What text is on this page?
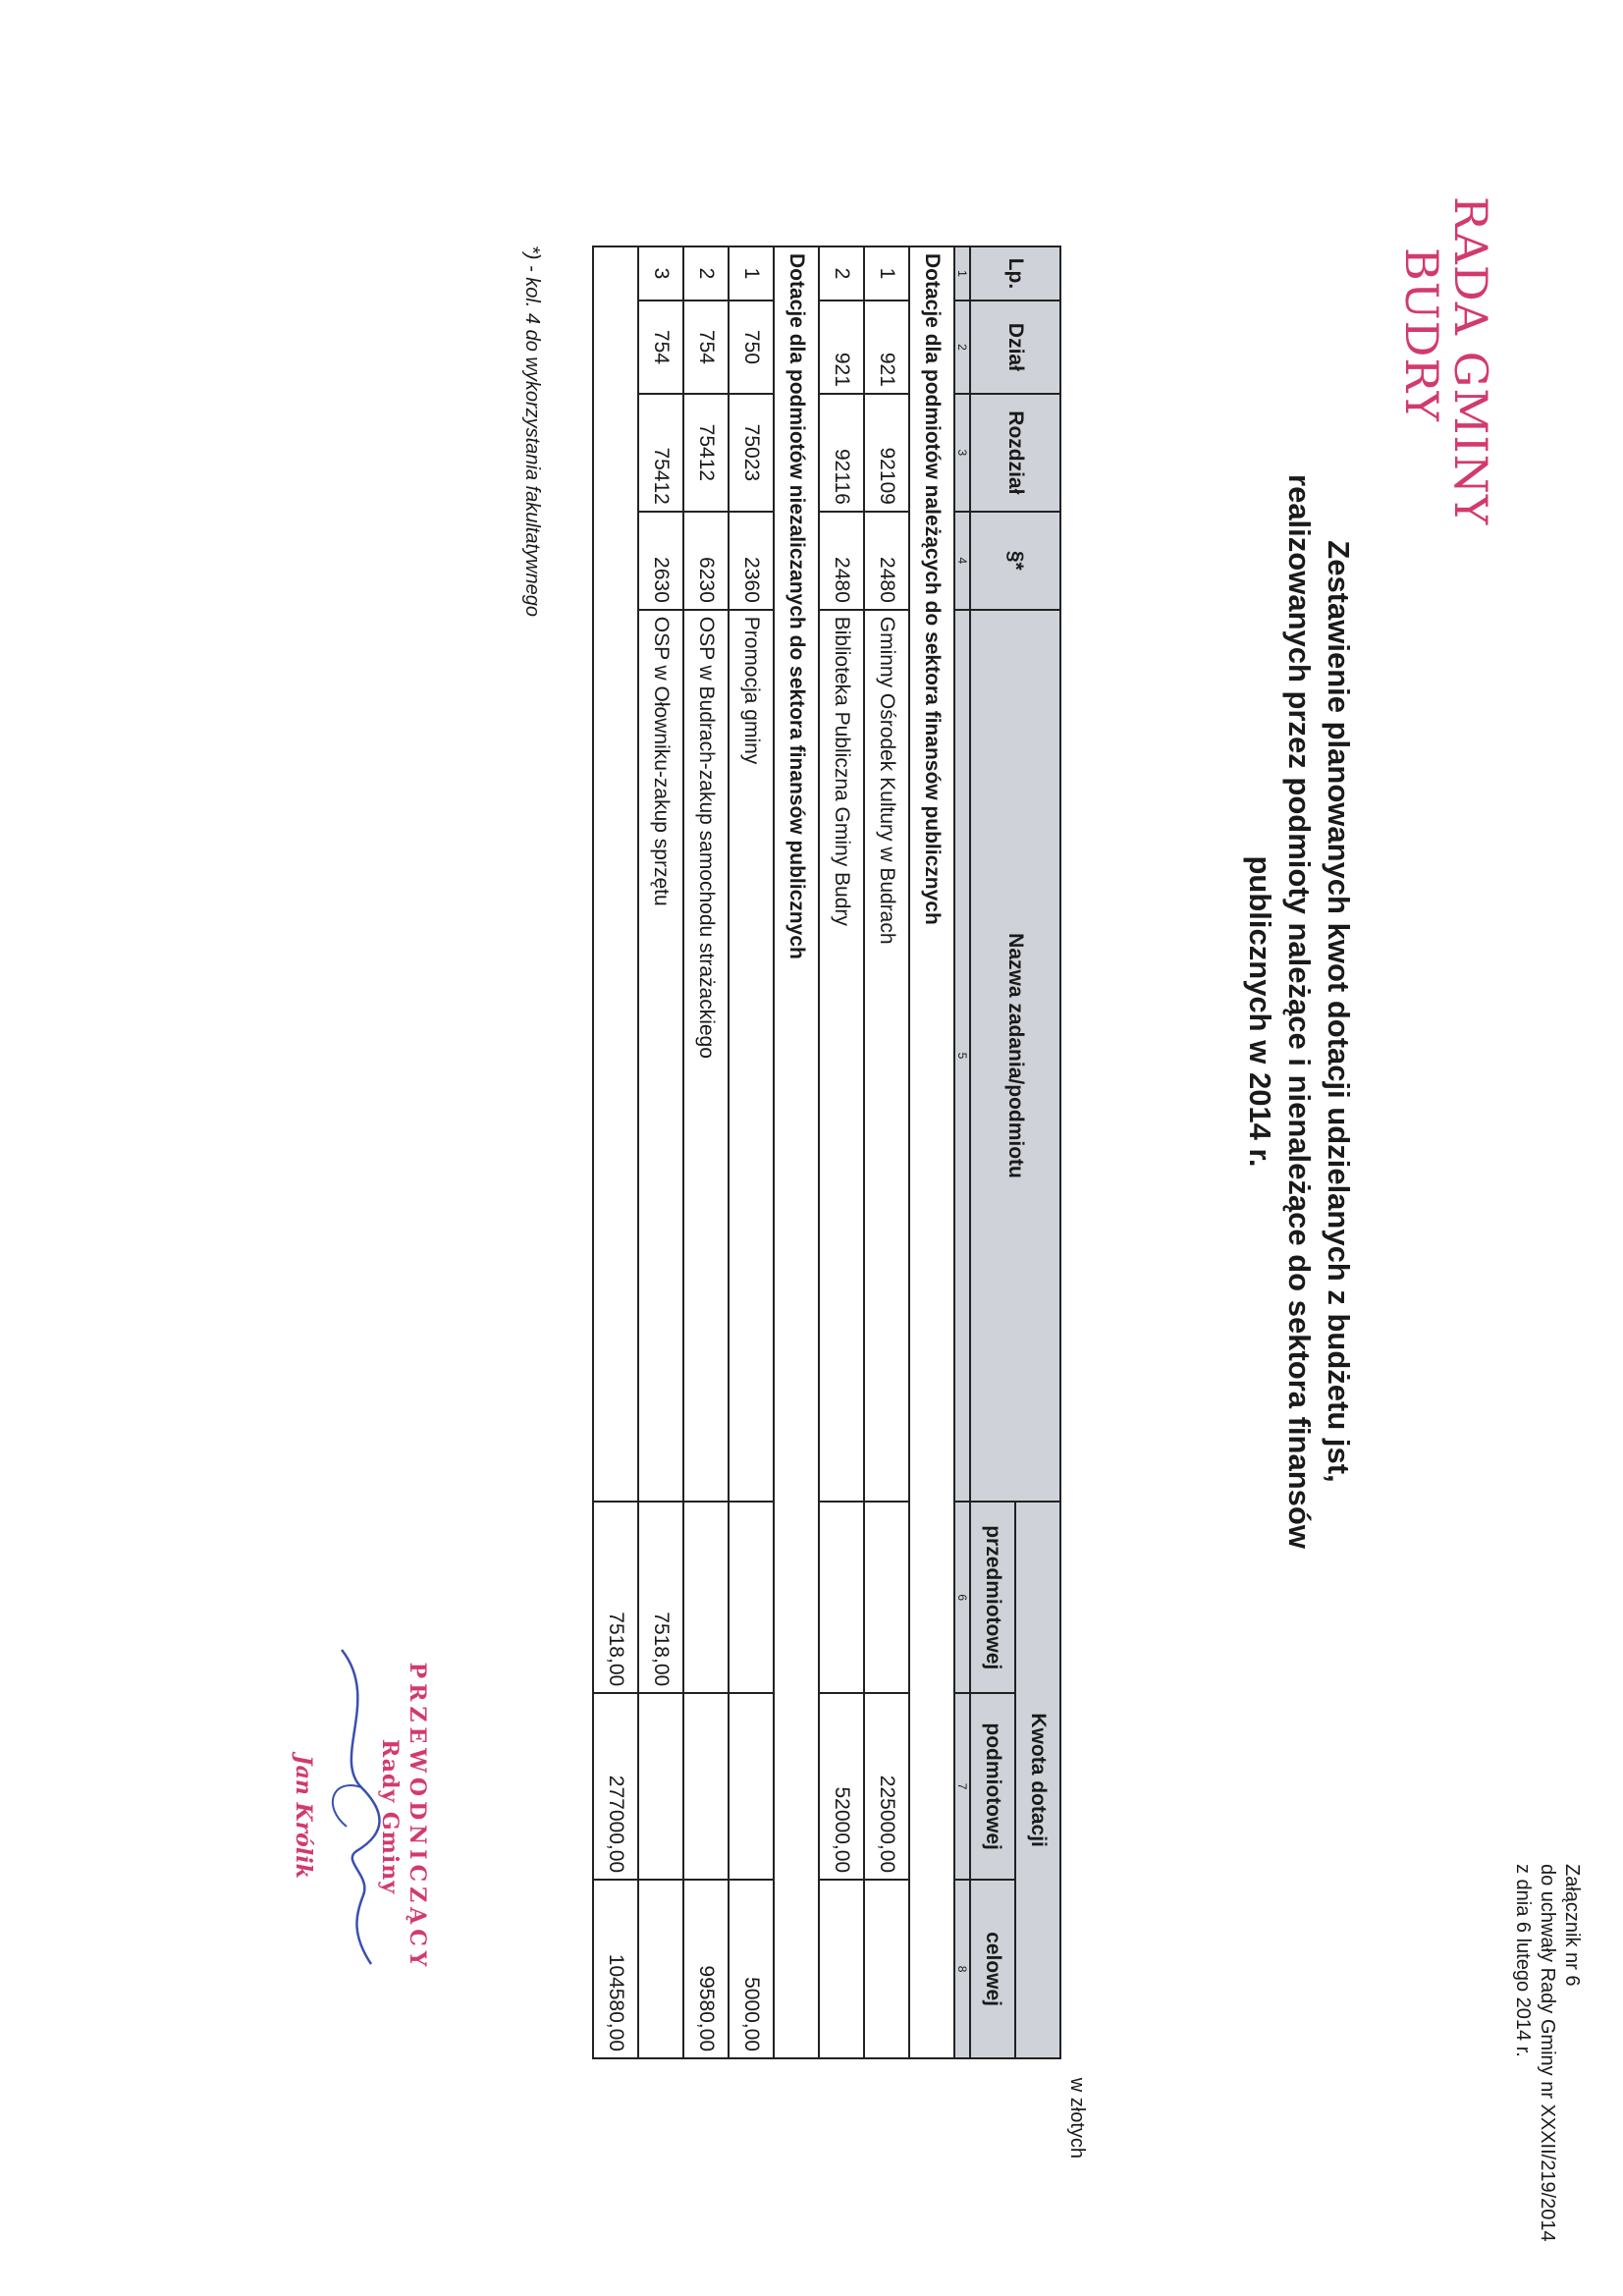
Załącznik nr 6
do uchwały Rady Gminy nr XXXII/219/2014
z dnia 6 lutego 2014 r.
RADA GMINY
BUDRY
Zestawienie planowanych kwot dotacji udzielanych z budżetu jst,
realizowanych przez podmioty należące i nienależące do sektora finansów
publicznych w 2014 r.
w złotych
Lp.	Dział	Rozdział	§*	Nazwa zadania/podmiotu	Kwota dotacji		
					przedmiotowej	podmiotowej	celowej
1	2	3	4	5	6	7	8
Dotacje dla podmiotów należących do sektora finansów publicznych							
1	921	92109	2480	Gminny Ośrodek Kultury w Budrach		225000,00	
2	921	92116	2480	Biblioteka Publiczna Gminy Budry		52000,00	
Dotacje dla podmiotów niezaliczanych do sektora finansów publicznych							
1	750	75023	2360	Promocja gminy			5000,00
2	754	75412	6230	OSP w Budrach-zakup samochodu strażackiego			99580,00
3	754	75412	2630	OSP w Ołowniku-zakup sprzętu	7518,00		
					7518,00	277000,00	104580,00
*) - kol. 4 do wykorzystania fakultatywnego
PRZEWODNICZĄCY
Rady Gminy
Jan Królik
